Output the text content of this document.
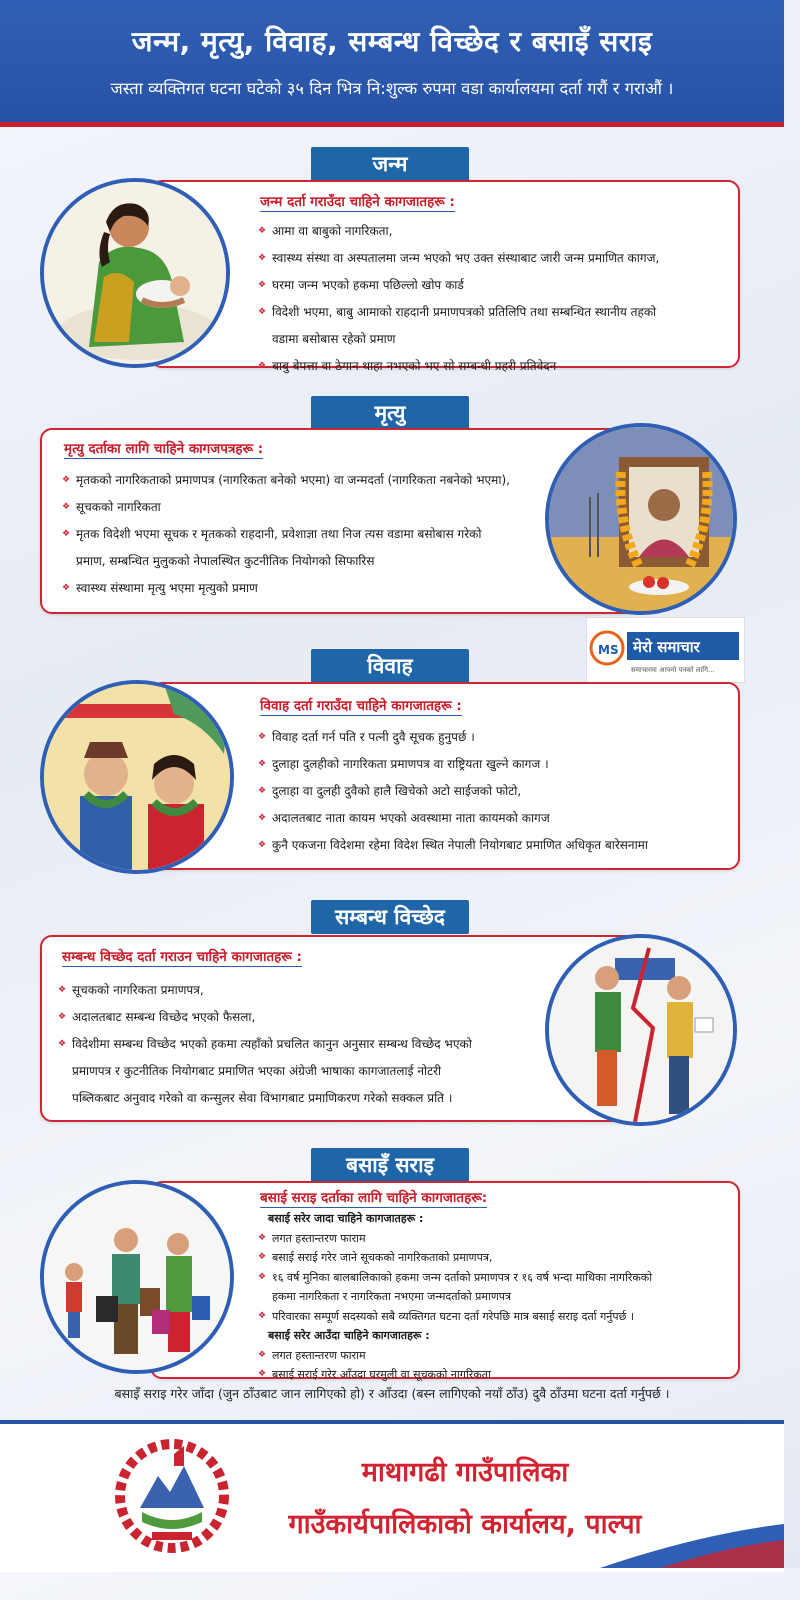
जन्म, मृत्यु, विवाह, सम्बन्ध विच्छेद र बसाइँ सराइ

जस्ता व्यक्तिगत घटना घटेको ३५ दिन भित्र नि:शुल्क रुपमा वडा कार्यालयमा दर्ता गरौं र गराऔं ।

जन्म
जन्म दर्ता गराउँदा चाहिने कागजातहरू :
❖ आमा वा बाबुको नागरिकता,
❖ स्वास्थ्य संस्था वा अस्पतालमा जन्म भएको भए उक्त संस्थाबाट जारी जन्म प्रमाणित कागज,
❖ घरमा जन्म भएको हकमा पछिल्लो खोप कार्ड
❖ विदेशी भएमा, बाबु आमाको राहदानी प्रमाणपत्रको प्रतिलिपि तथा सम्बन्धित स्थानीय तहको
वडामा बसोबास रहेको प्रमाण
❖ बाबु बेपत्ता वा ठेगान थाहा नभएको भए सो सम्बन्धी प्रहरी प्रतिवेदन
मृत्यु
मृत्यु दर्ताका लागि चाहिने कागजपत्रहरू :
❖ मृतकको नागरिकताको प्रमाणपत्र (नागरिकता बनेको भएमा) वा जन्मदर्ता (नागरिकता नबनेको भएमा),
❖ सूचकको नागरिकता
❖ मृतक विदेशी भएमा सूचक र मृतकको राहदानी, प्रवेशाज्ञा तथा निज त्यस वडामा बसोबास गरेको
प्रमाण, सम्बन्धित मुलुकको नेपालस्थित कुटनीतिक नियोगको सिफारिस
❖ स्वास्थ्य संस्थामा मृत्यु भएमा मृत्युको प्रमाण
MS मेरो समाचार
समाचारमा आफ्नो पनको लागि...
विवाह
विवाह दर्ता गराउँदा चाहिने कागजातहरू :
❖ विवाह दर्ता गर्न पति र पत्नी दुवै सूचक हुनुपर्छ ।
❖ दुलाहा दुलहीको नागरिकता प्रमाणपत्र वा राष्ट्रियता खुल्ने कागज ।
❖ दुलाहा वा दुलही दुवैको हालै खिचेको अटो साईजको फोटो,
❖ अदालतबाट नाता कायम भएको अवस्थामा नाता कायमको कागज
❖ कुनै एकजना विदेशमा रहेमा विदेश स्थित नेपाली नियोगबाट प्रमाणित अधिकृत बारेसनामा
सम्बन्ध विच्छेद
सम्बन्ध विच्छेद दर्ता गराउन चाहिने कागजातहरू :
❖ सूचकको नागरिकता प्रमाणपत्र,
❖ अदालतबाट सम्बन्ध विच्छेद भएको फैसला,
❖ विदेशीमा सम्बन्ध विच्छेद भएको हकमा त्यहाँको प्रचलित कानुन अनुसार सम्बन्ध विच्छेद भएको
प्रमाणपत्र र कुटनीतिक नियोगबाट प्रमाणित भएका अंग्रेजी भाषाका कागजातलाई नोटरी
पब्लिकबाट अनुवाद गरेको वा कन्सुलर सेवा विभागबाट प्रमाणिकरण गरेको सक्कल प्रति ।
बसाइँ सराइ
बसाई सराइ दर्ताका लागि चाहिने कागजातहरू:
बसाई सरेर जादा चाहिने कागजातहरू :
❖ लगत हस्तान्तरण फाराम
❖ बसाई सराई गरेर जाने सूचकको नागरिकताको प्रमाणपत्र,
❖ १६ वर्ष मुनिका बालबालिकाको हकमा जन्म दर्ताको प्रमाणपत्र र १६ वर्ष भन्दा माथिका नागरिकको
हकमा नागरिकता र नागरिकता नभएमा जन्मदर्ताको प्रमाणपत्र
❖ परिवारका सम्पूर्ण सदस्यको सबै व्यक्तिगत घटना दर्ता गरेपछि मात्र बसाई सराइ दर्ता गर्नुपर्छ ।
बसाई सरेर आउँदा चाहिने कागजातहरू :
❖ लगत हस्तान्तरण फाराम
❖ बसाई सराई गरेर आँउदा घरमुली वा सूचकको नागरिकता
बसाइँ सराइ गरेर जाँदा (जुन ठाँउबाट जान लागिएको हो) र आँउदा (बस्न लागिएको नयाँ ठाँउ) दुवै ठाँउमा घटना दर्ता गर्नुपर्छ ।
माथागढी गाउँपालिका
गाउँकार्यपालिकाको कार्यालय, पाल्पा
